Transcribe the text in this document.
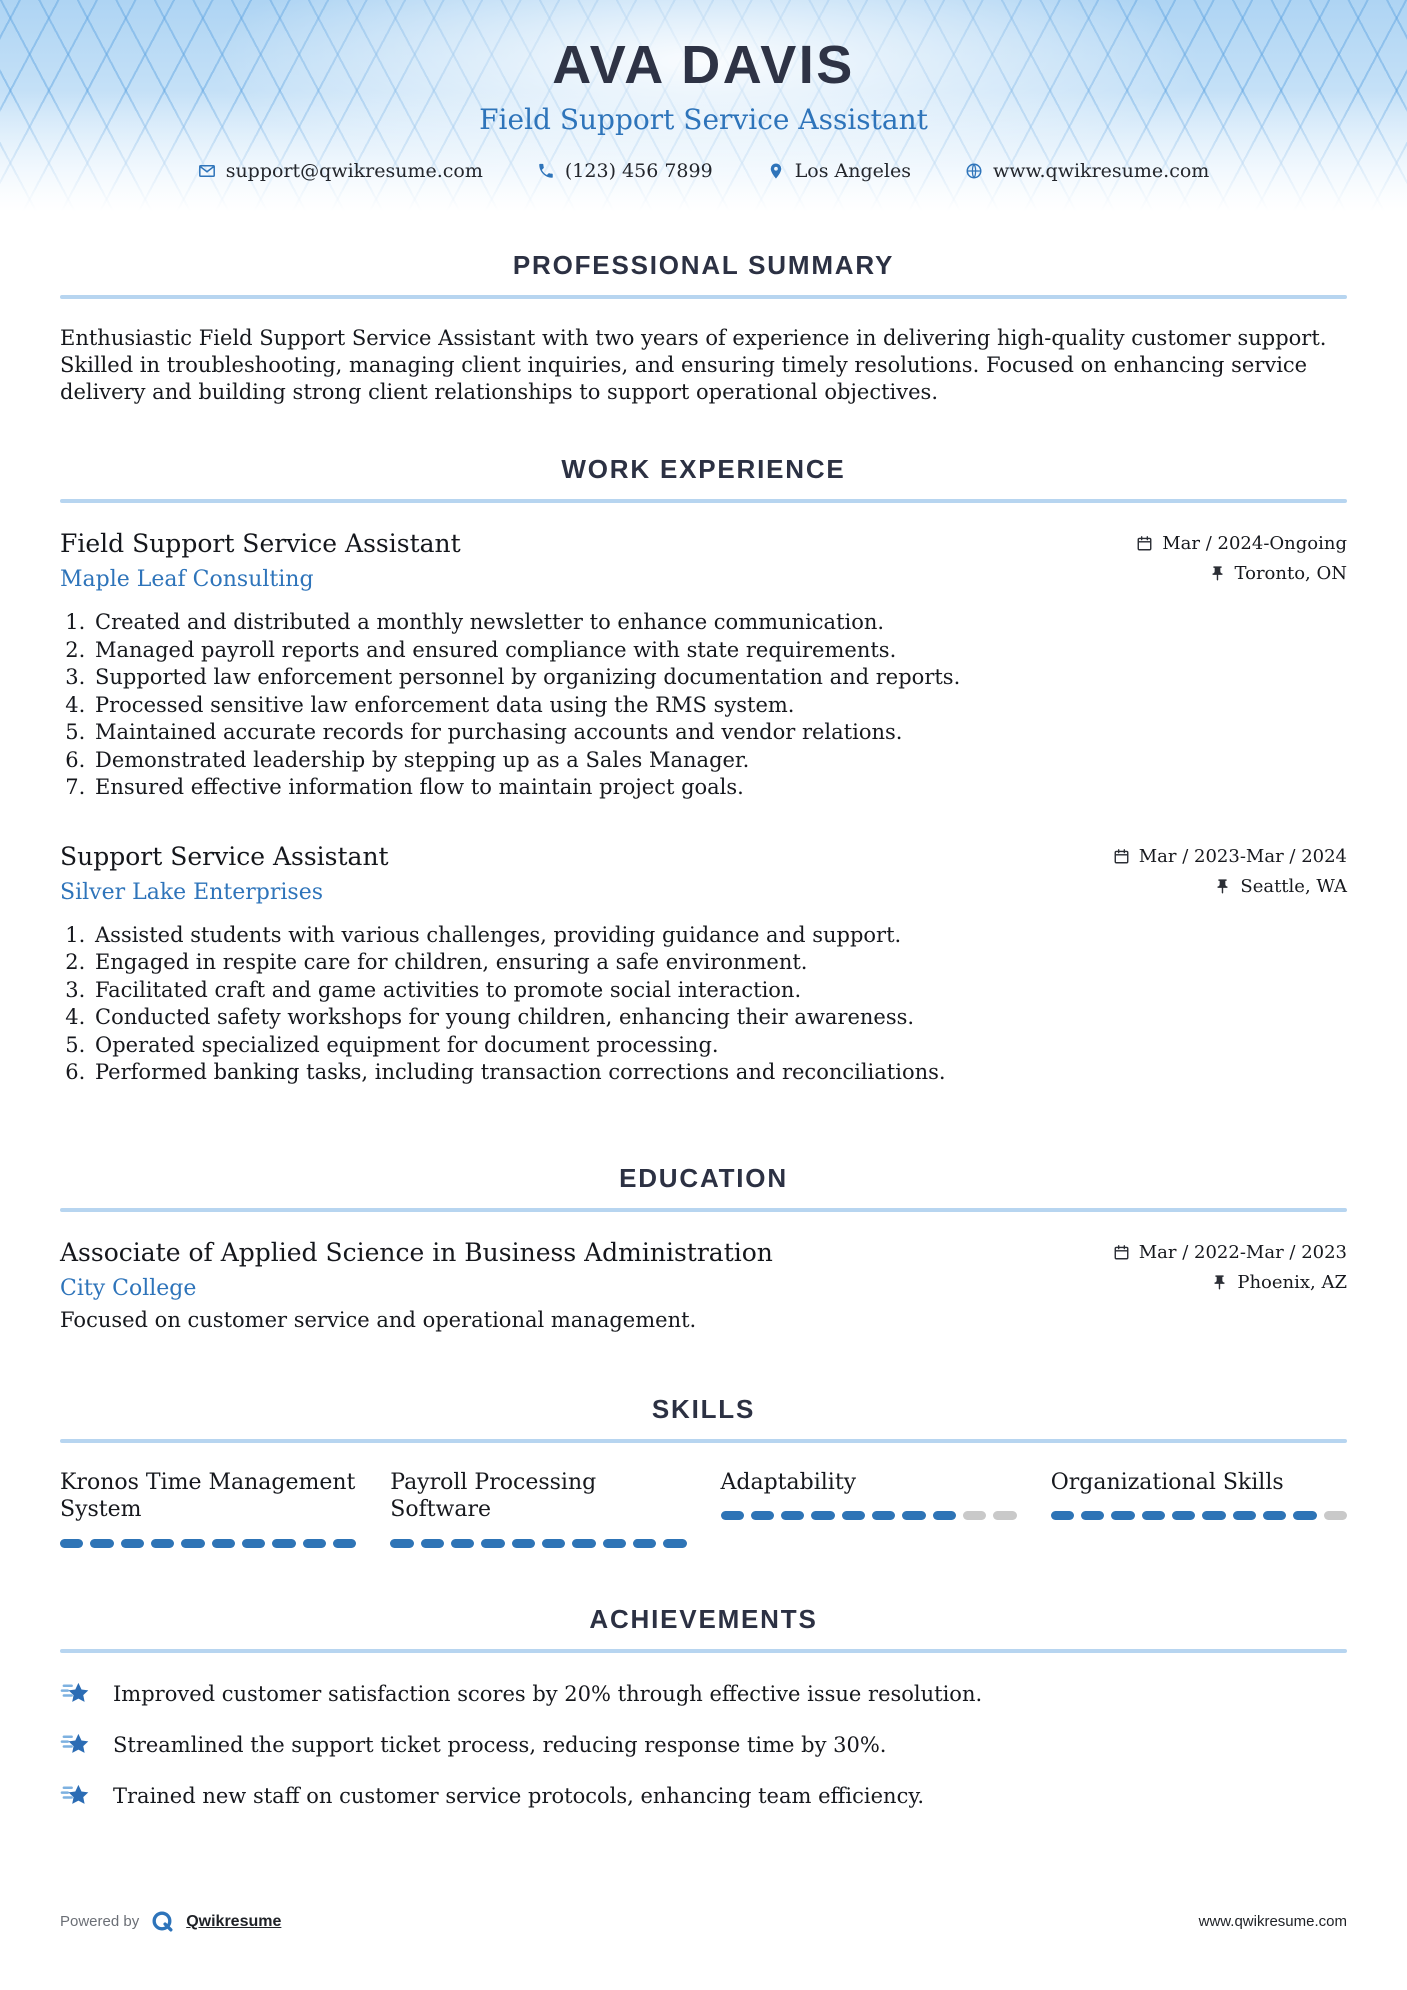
AVA DAVIS
Field Support Service Assistant
support@qwikresume.com	(123) 456 7899	Los Angeles	www.qwikresume.com
PROFESSIONAL SUMMARY

Enthusiastic Field Support Service Assistant with two years of experience in delivering high-quality customer support. Skilled in troubleshooting, managing client inquiries, and ensuring timely resolutions. Focused on enhancing service delivery and building strong client relationships to support operational objectives.

WORK EXPERIENCE
Field Support Service Assistant
Maple Leaf Consulting
Mar / 2024-Ongoing
Toronto, ON
1. Created and distributed a monthly newsletter to enhance communication.
2. Managed payroll reports and ensured compliance with state requirements.
3. Supported law enforcement personnel by organizing documentation and reports.
4. Processed sensitive law enforcement data using the RMS system.
5. Maintained accurate records for purchasing accounts and vendor relations.
6. Demonstrated leadership by stepping up as a Sales Manager.
7. Ensured effective information flow to maintain project goals.
Support Service Assistant
Silver Lake Enterprises
Mar / 2023-Mar / 2024
Seattle, WA
1. Assisted students with various challenges, providing guidance and support.
2. Engaged in respite care for children, ensuring a safe environment.
3. Facilitated craft and game activities to promote social interaction.
4. Conducted safety workshops for young children, enhancing their awareness.
5. Operated specialized equipment for document processing.
6. Performed banking tasks, including transaction corrections and reconciliations.
EDUCATION
Associate of Applied Science in Business Administration
City College
Mar / 2022-Mar / 2023
Phoenix, AZ

Focused on customer service and operational management.

SKILLS
Kronos Time Management System
Payroll Processing Software
Adaptability	Organizational Skills
ACHIEVEMENTS
Improved customer satisfaction scores by 20% through effective issue resolution.
Streamlined the support ticket process, reducing response time by 30%.
Trained new staff on customer service protocols, enhancing team efficiency.
Powered by	Qwikresume	www.qwikresume.com
